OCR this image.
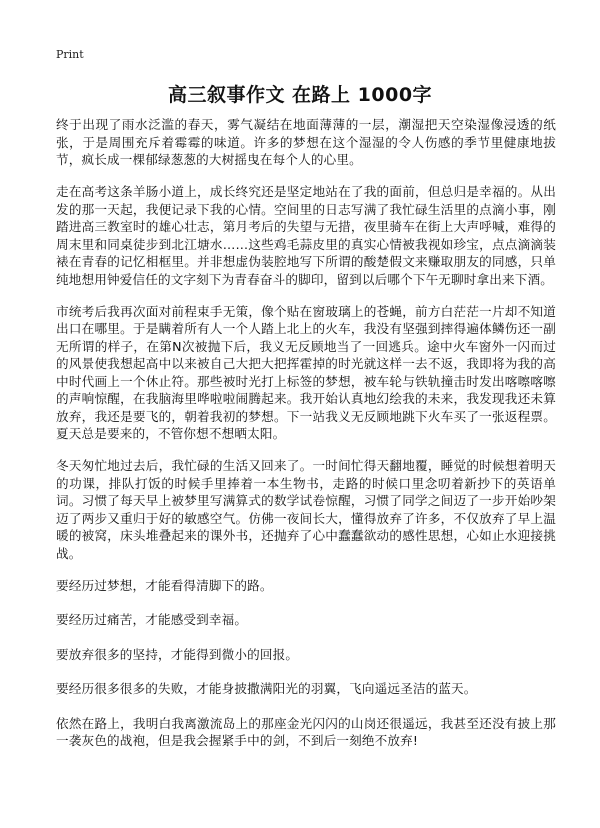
Print
高三叙事作文 在路上 1000字

终于出现了雨水泛滥的春天，雾气凝结在地面薄薄的一层，潮湿把天空染湿像浸透的纸张，于是周围充斥着霉霉的味道。许多的梦想在这个湿湿的令人伤感的季节里健康地拔节，疯长成一棵郁绿葱葱的大树摇曳在每个人的心里。

走在高考这条羊肠小道上，成长终究还是坚定地站在了我的面前，但总归是幸福的。从出发的那一天起，我便记录下我的心情。空间里的日志写满了我忙碌生活里的点滴小事，刚踏进高三教室时的雄心壮志，第月考后的失望与无措，夜里骑车在街上大声呼喊，难得的周末里和同桌徒步到北江塘水……这些鸡毛蒜皮里的真实心情被我视如珍宝，点点滴滴装裱在青春的记忆相框里。并非想虚伪装腔地写下所谓的酸楚假文来赚取朋友的同感，只单纯地想用钟爱信任的文字刻下为青春奋斗的脚印，留到以后哪个下午无聊时拿出来下酒。

市统考后我再次面对前程束手无策，像个贴在窗玻璃上的苍蝇，前方白茫茫一片却不知道出口在哪里。于是瞒着所有人一个人踏上北上的火车，我没有坚强到摔得遍体鳞伤还一副无所谓的样子，在第N次被抛下后，我义无反顾地当了一回逃兵。途中火车窗外一闪而过的风景使我想起高中以来被自己大把大把挥霍掉的时光就这样一去不返，我即将为我的高中时代画上一个休止符。那些被时光打上标签的梦想，被车轮与铁轨撞击时发出喀嚓喀嚓的声响惊醒，在我脑海里哗啦啦闹腾起来。我开始认真地幻绘我的未来，我发现我还未算放弃，我还是要飞的，朝着我初的梦想。下一站我义无反顾地跳下火车买了一张返程票。夏天总是要来的，不管你想不想晒太阳。

冬天匆忙地过去后，我忙碌的生活又回来了。一时间忙得天翻地覆，睡觉的时候想着明天的功课，排队打饭的时候手里捧着一本生物书，走路的时候口里念叨着新抄下的英语单词。习惯了每天早上被梦里写满算式的数学试卷惊醒，习惯了同学之间迈了一步开始吵架迈了两步又重归于好的敏感空气。仿佛一夜间长大，懂得放弃了许多，不仅放弃了早上温暖的被窝，床头堆叠起来的课外书，还抛弃了心中蠢蠢欲动的感性思想，心如止水迎接挑战。

要经历过梦想，才能看得清脚下的路。

要经历过痛苦，才能感受到幸福。

要放弃很多的坚持，才能得到微小的回报。

要经历很多很多的失败，才能身披撒满阳光的羽翼，飞向遥远圣洁的蓝天。

依然在路上，我明白我离激流岛上的那座金光闪闪的山岗还很遥远，我甚至还没有披上那一袭灰色的战袍，但是我会握紧手中的剑，不到后一刻绝不放弃!
